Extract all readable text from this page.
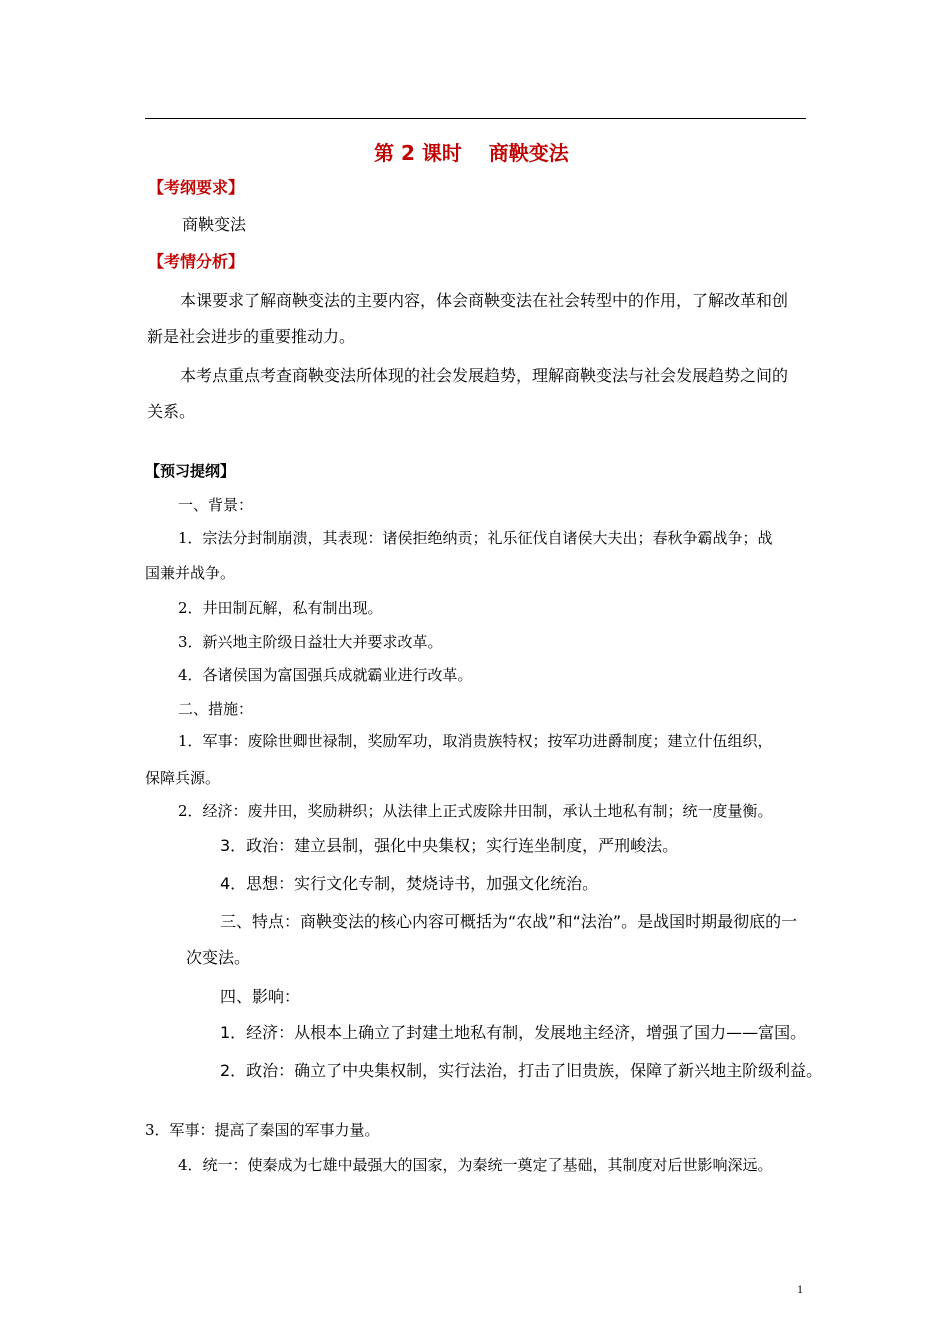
第 2 课时　 商鞅变法
【考纲要求】
商鞅变法
【考情分析】
本课要求了解商鞅变法的主要内容，体会商鞅变法在社会转型中的作用，了解改革和创
新是社会进步的重要推动力。
本考点重点考查商鞅变法所体现的社会发展趋势，理解商鞅变法与社会发展趋势之间的
关系。
【预习提纲】
一、背景：
1．宗法分封制崩溃，其表现：诸侯拒绝纳贡；礼乐征伐自诸侯大夫出；春秋争霸战争；战
国兼并战争。
2．井田制瓦解，私有制出现。
3．新兴地主阶级日益壮大并要求改革。
4．各诸侯国为富国强兵成就霸业进行改革。
二、措施：
1．军事：废除世卿世禄制，奖励军功，取消贵族特权；按军功进爵制度；建立什伍组织，
保障兵源。
2．经济：废井田，奖励耕织；从法律上正式废除井田制，承认土地私有制；统一度量衡。
3．政治：建立县制，强化中央集权；实行连坐制度，严刑峻法。
4．思想：实行文化专制，焚烧诗书，加强文化统治。
三、特点：商鞅变法的核心内容可概括为“农战”和“法治”。是战国时期最彻底的一
次变法。
四、影响：
1．经济：从根本上确立了封建土地私有制，发展地主经济，增强了国力——富国。
2．政治：确立了中央集权制，实行法治，打击了旧贵族，保障了新兴地主阶级利益。
3．军事：提高了秦国的军事力量。
4．统一：使秦成为七雄中最强大的国家，为秦统一奠定了基础，其制度对后世影响深远。
1
